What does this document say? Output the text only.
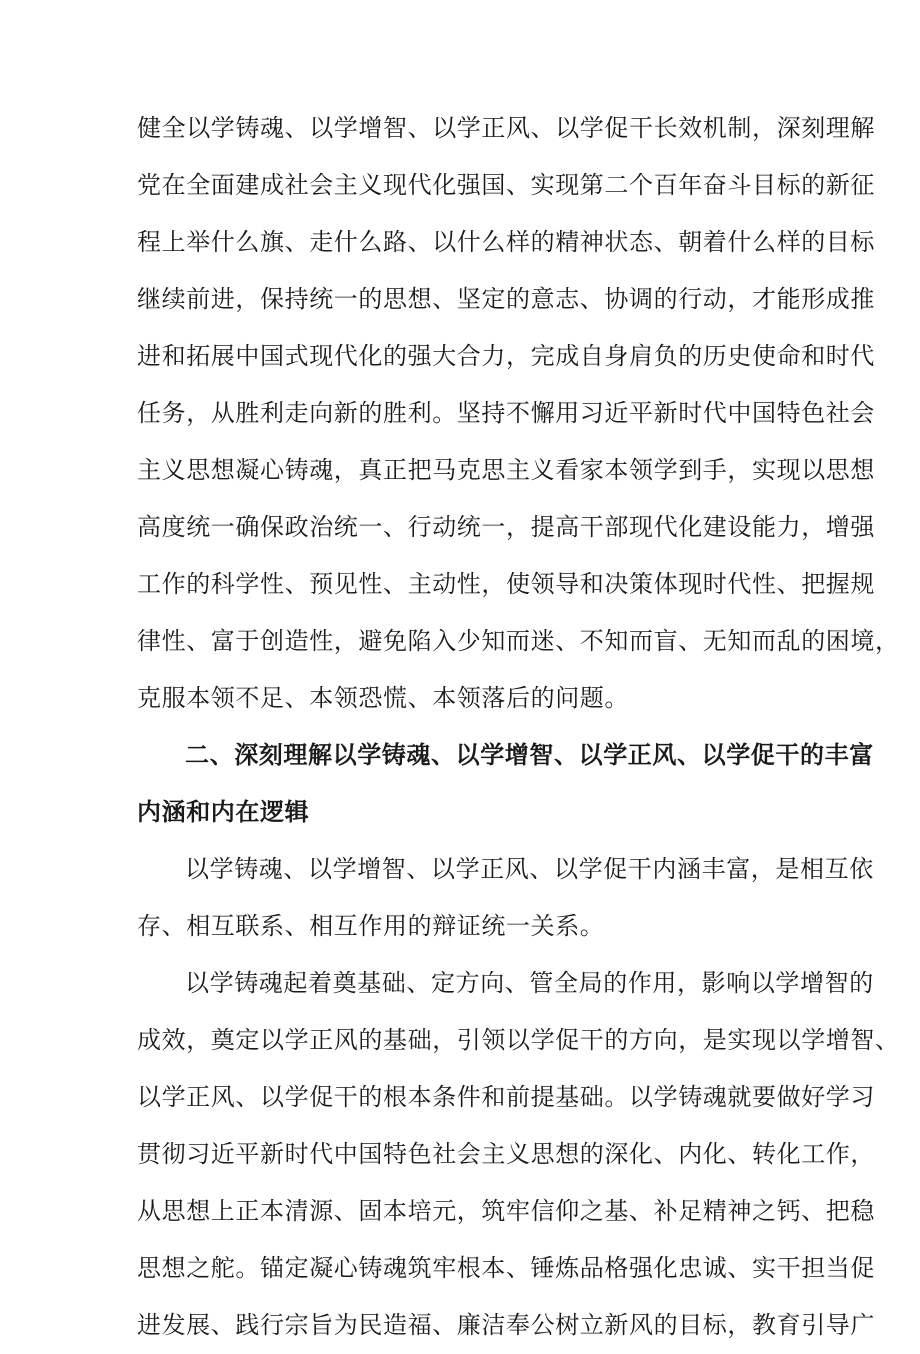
健全以学铸魂、以学增智、以学正风、以学促干长效机制，深刻理解
党在全面建成社会主义现代化强国、实现第二个百年奋斗目标的新征
程上举什么旗、走什么路、以什么样的精神状态、朝着什么样的目标
继续前进，保持统一的思想、坚定的意志、协调的行动，才能形成推
进和拓展中国式现代化的强大合力，完成自身肩负的历史使命和时代
任务，从胜利走向新的胜利。坚持不懈用习近平新时代中国特色社会
主义思想凝心铸魂，真正把马克思主义看家本领学到手，实现以思想
高度统一确保政治统一、行动统一，提高干部现代化建设能力，增强
工作的科学性、预见性、主动性，使领导和决策体现时代性、把握规
律性、富于创造性，避免陷入少知而迷、不知而盲、无知而乱的困境，
克服本领不足、本领恐慌、本领落后的问题。
二、深刻理解以学铸魂、以学增智、以学正风、以学促干的丰富
内涵和内在逻辑
以学铸魂、以学增智、以学正风、以学促干内涵丰富，是相互依
存、相互联系、相互作用的辩证统一关系。
以学铸魂起着奠基础、定方向、管全局的作用，影响以学增智的
成效，奠定以学正风的基础，引领以学促干的方向，是实现以学增智、
以学正风、以学促干的根本条件和前提基础。以学铸魂就要做好学习
贯彻习近平新时代中国特色社会主义思想的深化、内化、转化工作，
从思想上正本清源、固本培元，筑牢信仰之基、补足精神之钙、把稳
思想之舵。锚定凝心铸魂筑牢根本、锤炼品格强化忠诚、实干担当促
进发展、践行宗旨为民造福、廉洁奉公树立新风的目标，教育引导广
